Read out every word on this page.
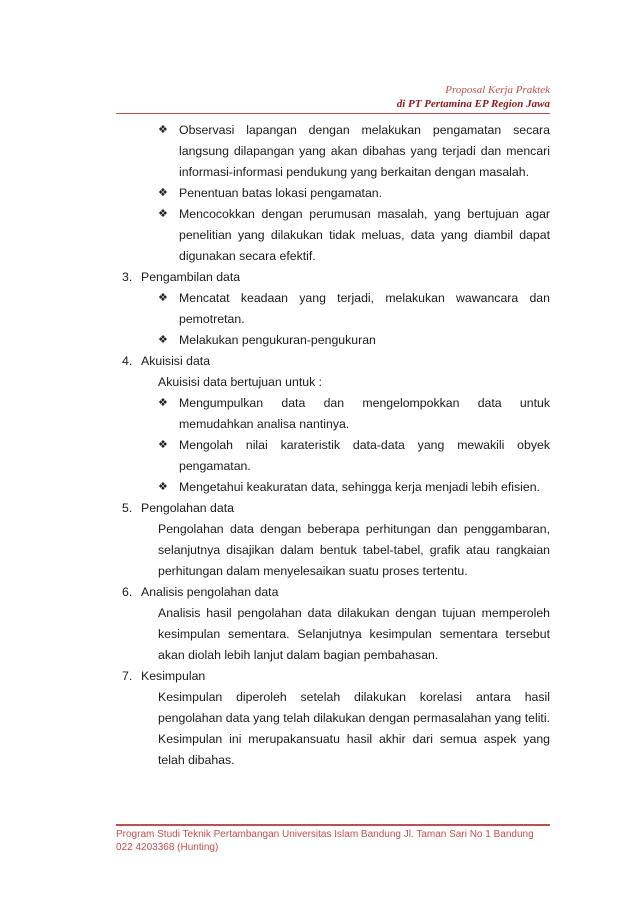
Proposal Kerja Praktek
di PT Pertamina EP Region Jawa
❖ Observasi lapangan dengan melakukan pengamatan secara langsung dilapangan yang akan dibahas yang terjadi dan mencari informasi-informasi pendukung yang berkaitan dengan masalah.
❖ Penentuan batas lokasi pengamatan.
❖ Mencocokkan dengan perumusan masalah, yang bertujuan agar penelitian yang dilakukan tidak meluas, data yang diambil dapat digunakan secara efektif.
3. Pengambilan data
❖ Mencatat keadaan yang terjadi, melakukan wawancara dan pemotretan.
❖ Melakukan pengukuran-pengukuran
4. Akuisisi data
Akuisisi data bertujuan untuk :
❖ Mengumpulkan data dan mengelompokkan data untuk memudahkan analisa nantinya.
❖ Mengolah nilai karateristik data-data yang mewakili obyek pengamatan.
❖ Mengetahui keakuratan data, sehingga kerja menjadi lebih efisien.
5. Pengolahan data
Pengolahan data dengan beberapa perhitungan dan penggambaran, selanjutnya disajikan dalam bentuk tabel-tabel, grafik atau rangkaian perhitungan dalam menyelesaikan suatu proses tertentu.
6. Analisis pengolahan data
Analisis hasil pengolahan data dilakukan dengan tujuan memperoleh kesimpulan sementara. Selanjutnya kesimpulan sementara tersebut akan diolah lebih lanjut dalam bagian pembahasan.
7. Kesimpulan
Kesimpulan diperoleh setelah dilakukan korelasi antara hasil pengolahan data yang telah dilakukan dengan permasalahan yang teliti. Kesimpulan ini merupakansuatu hasil akhir dari semua aspek yang telah dibahas.
Program Studi Teknik Pertambangan Universitas Islam Bandung Jl. Taman Sari No 1 Bandung
022 4203368 (Hunting)
